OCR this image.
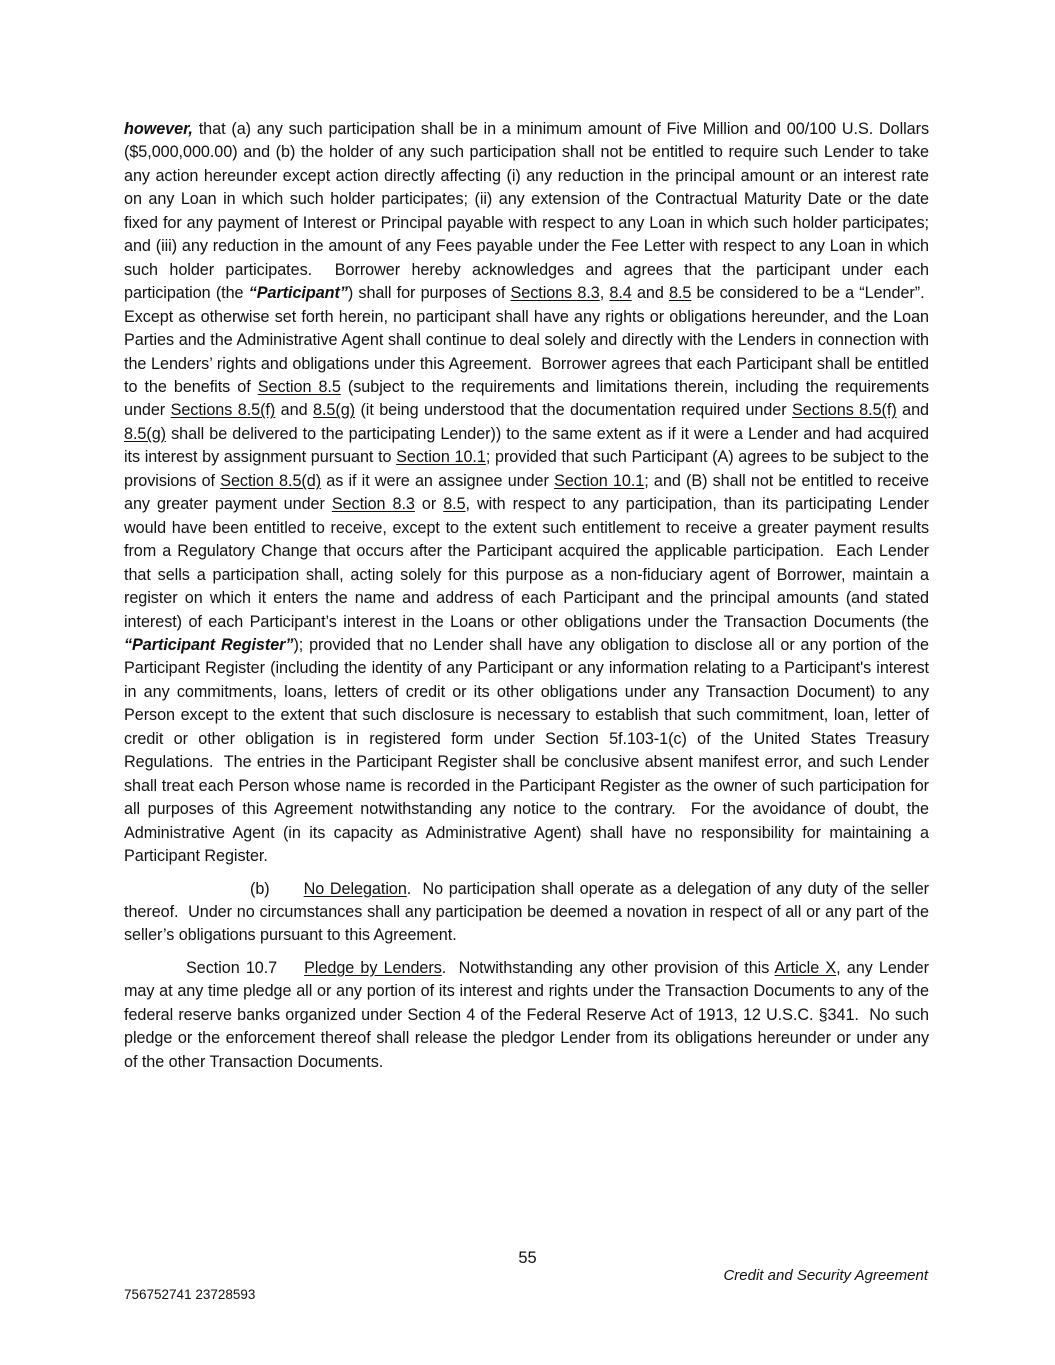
however, that (a) any such participation shall be in a minimum amount of Five Million and 00/100 U.S. Dollars ($5,000,000.00) and (b) the holder of any such participation shall not be entitled to require such Lender to take any action hereunder except action directly affecting (i) any reduction in the principal amount or an interest rate on any Loan in which such holder participates; (ii) any extension of the Contractual Maturity Date or the date fixed for any payment of Interest or Principal payable with respect to any Loan in which such holder participates; and (iii) any reduction in the amount of any Fees payable under the Fee Letter with respect to any Loan in which such holder participates.  Borrower hereby acknowledges and agrees that the participant under each participation (the “Participant”) shall for purposes of Sections 8.3, 8.4 and 8.5 be considered to be a “Lender”.  Except as otherwise set forth herein, no participant shall have any rights or obligations hereunder, and the Loan Parties and the Administrative Agent shall continue to deal solely and directly with the Lenders in connection with the Lenders’ rights and obligations under this Agreement.  Borrower agrees that each Participant shall be entitled to the benefits of Section 8.5 (subject to the requirements and limitations therein, including the requirements under Sections 8.5(f) and 8.5(g) (it being understood that the documentation required under Sections 8.5(f) and 8.5(g) shall be delivered to the participating Lender)) to the same extent as if it were a Lender and had acquired its interest by assignment pursuant to Section 10.1; provided that such Participant (A) agrees to be subject to the provisions of Section 8.5(d) as if it were an assignee under Section 10.1; and (B) shall not be entitled to receive any greater payment under Section 8.3 or 8.5, with respect to any participation, than its participating Lender would have been entitled to receive, except to the extent such entitlement to receive a greater payment results from a Regulatory Change that occurs after the Participant acquired the applicable participation.  Each Lender that sells a participation shall, acting solely for this purpose as a non-fiduciary agent of Borrower, maintain a register on which it enters the name and address of each Participant and the principal amounts (and stated interest) of each Participant’s interest in the Loans or other obligations under the Transaction Documents (the “Participant Register”); provided that no Lender shall have any obligation to disclose all or any portion of the Participant Register (including the identity of any Participant or any information relating to a Participant's interest in any commitments, loans, letters of credit or its other obligations under any Transaction Document) to any Person except to the extent that such disclosure is necessary to establish that such commitment, loan, letter of credit or other obligation is in registered form under Section 5f.103-1(c) of the United States Treasury Regulations.  The entries in the Participant Register shall be conclusive absent manifest error, and such Lender shall treat each Person whose name is recorded in the Participant Register as the owner of such participation for all purposes of this Agreement notwithstanding any notice to the contrary.  For the avoidance of doubt, the Administrative Agent (in its capacity as Administrative Agent) shall have no responsibility for maintaining a Participant Register.

(b) No Delegation.  No participation shall operate as a delegation of any duty of the seller thereof.  Under no circumstances shall any participation be deemed a novation in respect of all or any part of the seller’s obligations pursuant to this Agreement.

Section 10.7 Pledge by Lenders.  Notwithstanding any other provision of this Article X, any Lender may at any time pledge all or any portion of its interest and rights under the Transaction Documents to any of the federal reserve banks organized under Section 4 of the Federal Reserve Act of 1913, 12 U.S.C. §341.  No such pledge or the enforcement thereof shall release the pledgor Lender from its obligations hereunder or under any of the other Transaction Documents.

55
Credit and Security Agreement
756752741 23728593
